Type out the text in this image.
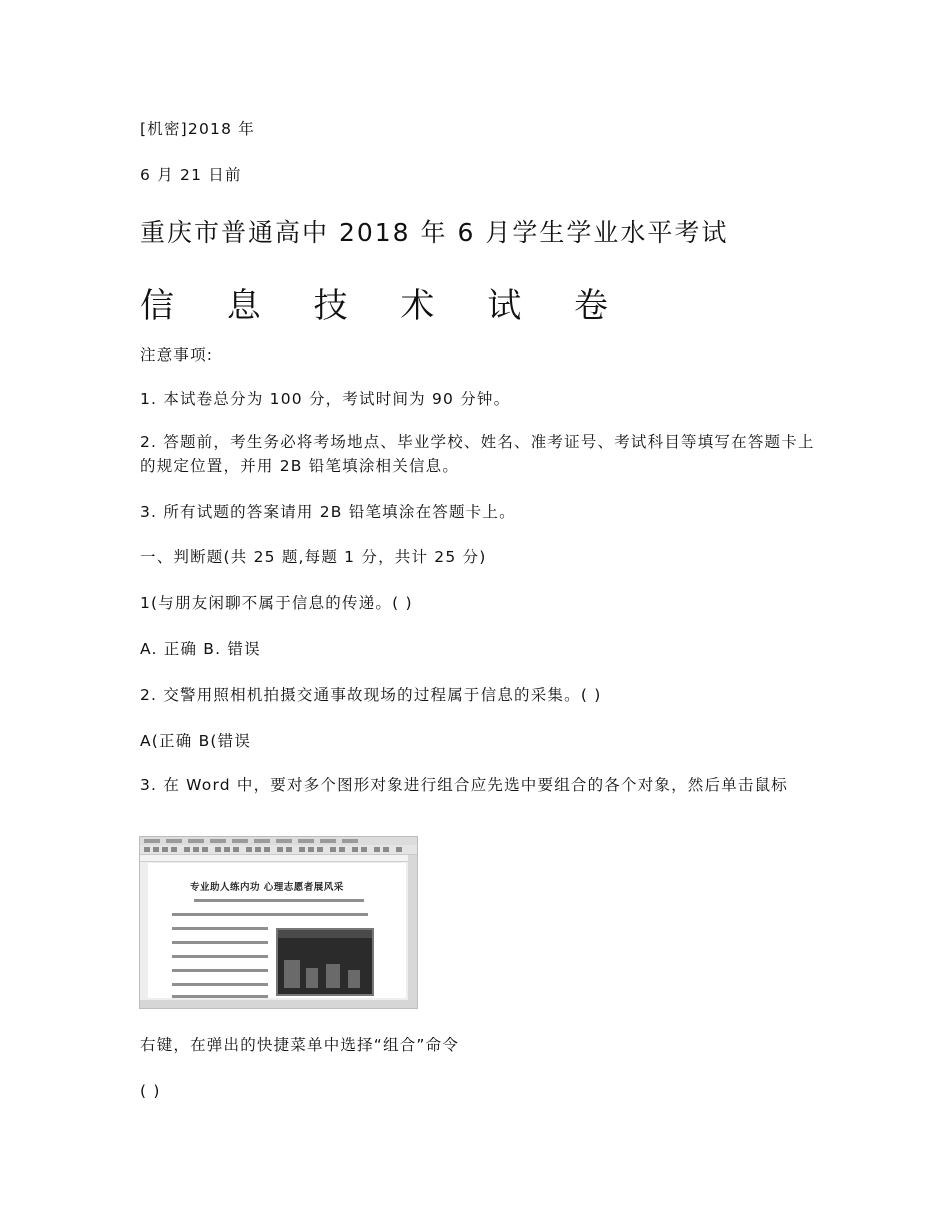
[机密]2018 年

6 月 21 日前

重庆市普通高中 2018 年 6 月学生学业水平考试
信 息 技 术 试 卷

注意事项:

1. 本试卷总分为 100 分，考试时间为 90 分钟。

2. 答题前，考生务必将考场地点、毕业学校、姓名、准考证号、考试科目等填写在答题卡上的规定位置，并用 2B 铅笔填涂相关信息。

3. 所有试题的答案请用 2B 铅笔填涂在答题卡上。

一、判断题(共 25 题,每题 1 分，共计 25 分)

1(与朋友闲聊不属于信息的传递。( )

A. 正确 B. 错误

2. 交警用照相机拍摄交通事故现场的过程属于信息的采集。( )

A(正确 B(错误

3. 在 Word 中，要对多个图形对象进行组合应先选中要组合的各个对象，然后单击鼠标

专业助人练内功 心理志愿者展风采

右键，在弹出的快捷菜单中选择“组合”命令

( )
